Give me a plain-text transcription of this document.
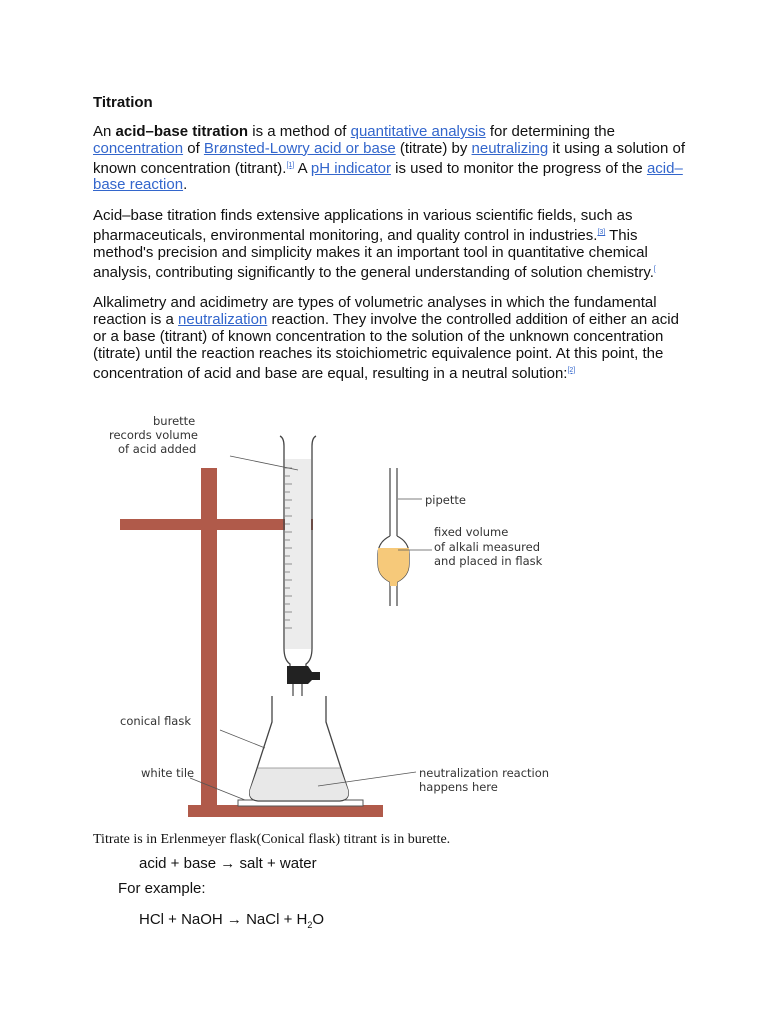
Titration

An acid–base titration is a method of quantitative analysis for determining the concentration of Brønsted-Lowry acid or base (titrate) by neutralizing it using a solution of known concentration (titrant).[1] A pH indicator is used to monitor the progress of the acid–base reaction.

Acid–base titration finds extensive applications in various scientific fields, such as pharmaceuticals, environmental monitoring, and quality control in industries.[3] This method's precision and simplicity makes it an important tool in quantitative chemical analysis, contributing significantly to the general understanding of solution chemistry.[

Alkalimetry and acidimetry are types of volumetric analyses in which the fundamental reaction is a neutralization reaction. They involve the controlled addition of either an acid or a base (titrant) of known concentration to the solution of the unknown concentration (titrate) until the reaction reaches its stoichiometric equivalence point. At this point, the concentration of acid and base are equal, resulting in a neutral solution:[2]

burette
records volume
of acid added
pipette
fixed volume
of alkali measured
and placed in flask
conical flask
white tile	neutralization reaction
happens here
Titrate is in Erlenmeyer flask(Conical flask) titrant is in burette.
acid + base → salt + water
For example:
HCl + NaOH → NaCl + $H_2O$
